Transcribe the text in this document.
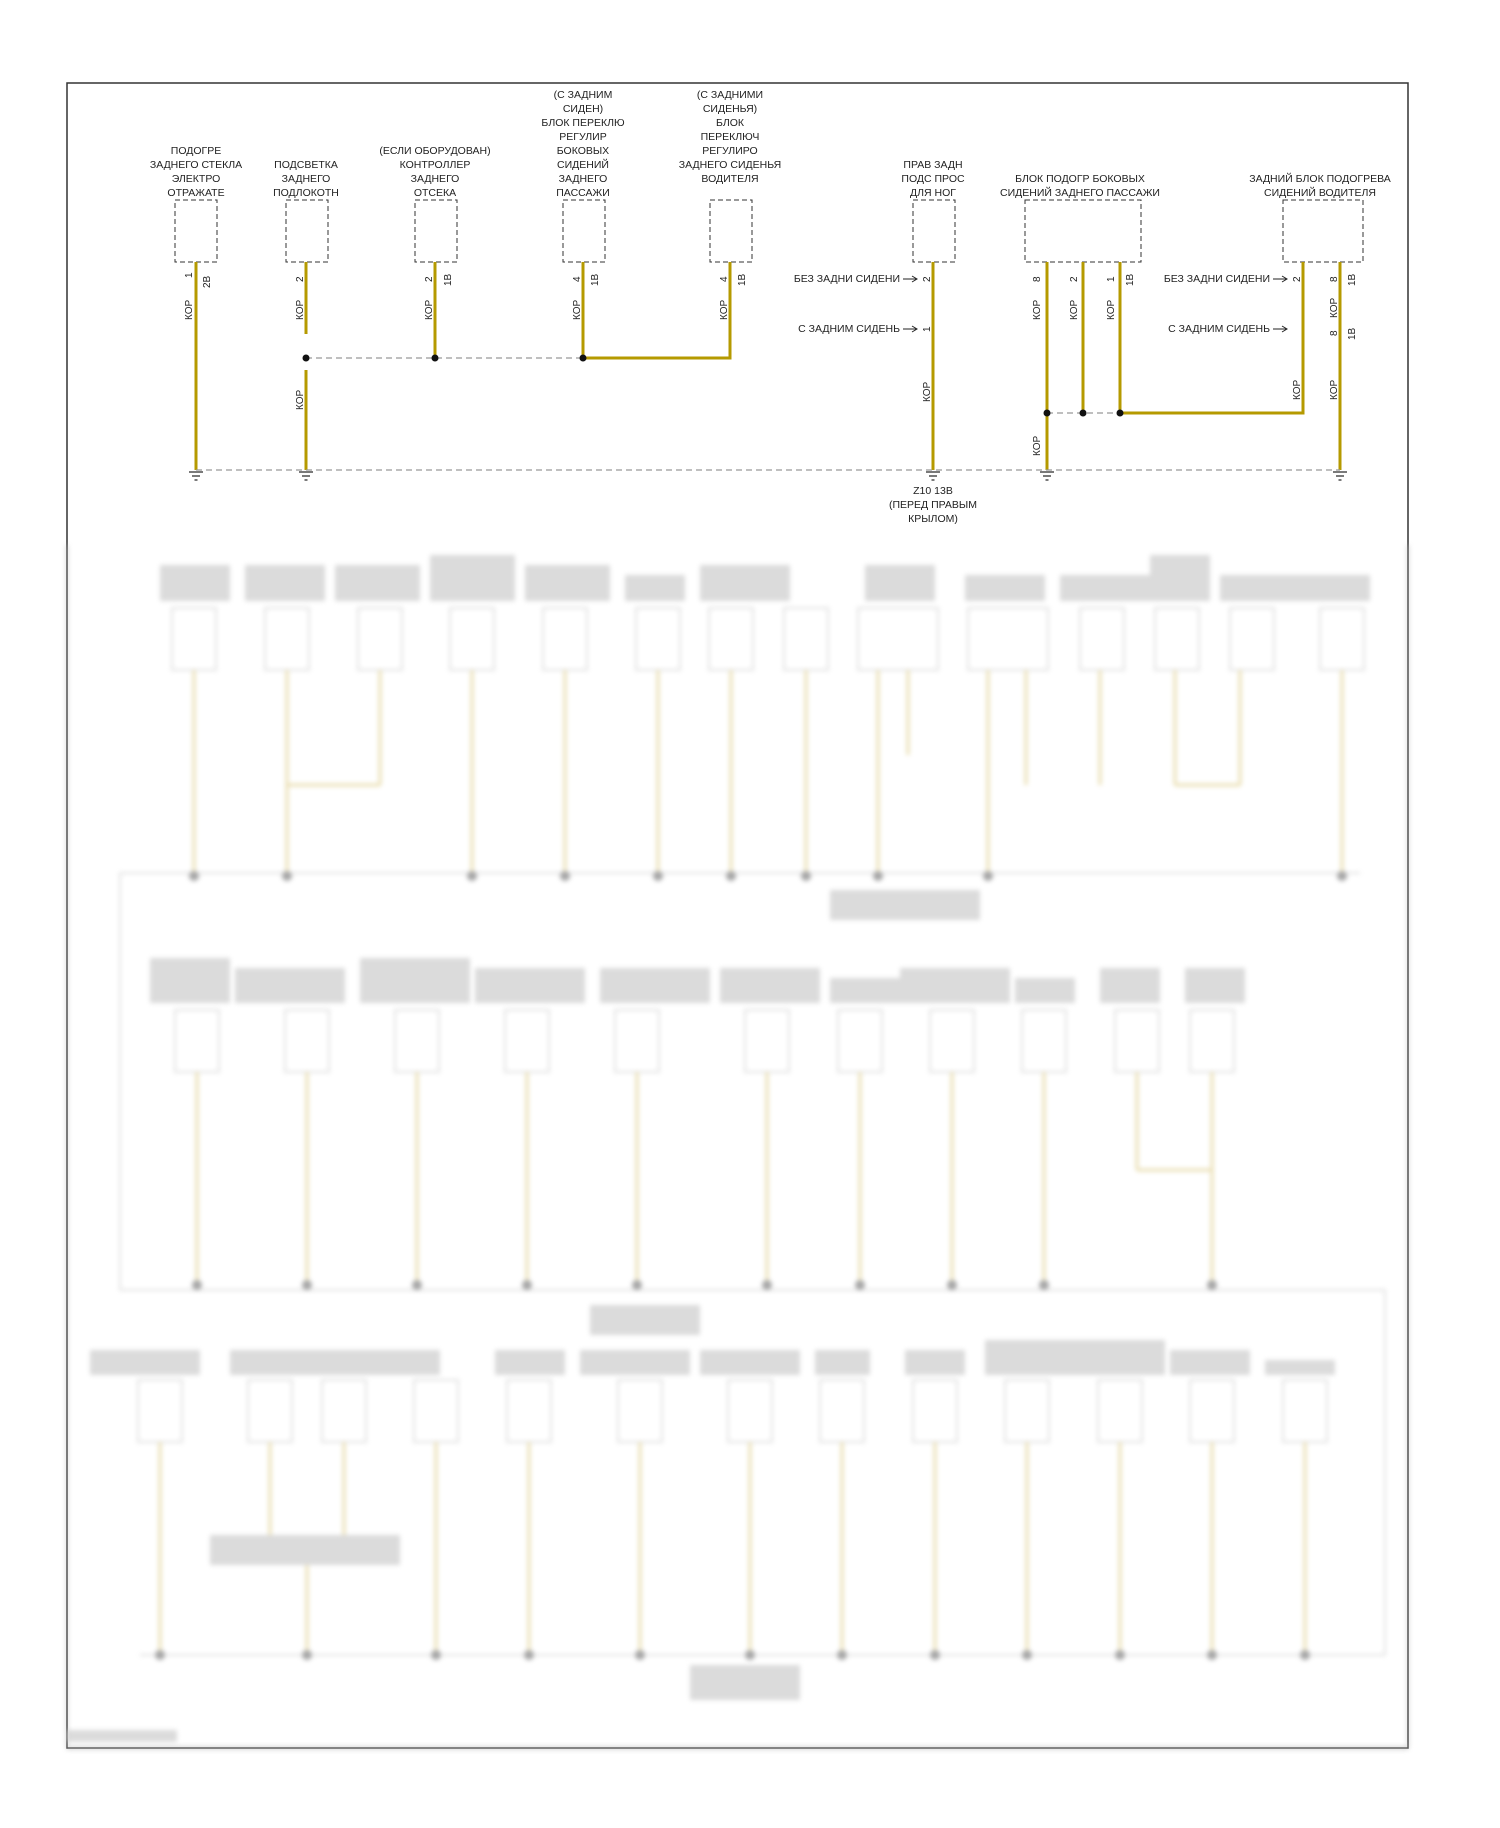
ПОДОГРЕ
ЗАДНЕГО СТЕКЛА
ЭЛЕКТРО
ОТРАЖАТЕ
1
2B
КОР
ПОДСВЕТКА
ЗАДНЕГО
ПОДЛОКОТН
2
КОР
КОР
(ЕСЛИ ОБОРУДОВАН)
КОНТРОЛЛЕР
ЗАДНЕГО
ОТСЕКА
2 1B
КОР
(С ЗАДНИМ
СИДЕН)
БЛОК ПЕРЕКЛЮ
РЕГУЛИР
БОКОВЫХ
СИДЕНИЙ
ЗАДНЕГО
ПАССАЖИ
4 1B
КОР
(С ЗАДНИМИ
СИДЕНЬЯ)
БЛОК
ПЕРЕКЛЮЧ
РЕГУЛИРО
ЗАДНЕГО СИДЕНЬЯ
ВОДИТЕЛЯ
4 1B
КОР
ПРАВ ЗАДН
ПОДС ПРОС
ДЛЯ НОГ
БЕЗ ЗАДНИ СИДЕНИ
С ЗАДНИМ СИДЕНЬ
2
1
КОР
БЛОК ПОДОГР БОКОВЫХ
СИДЕНИЙ ЗАДНЕГО ПАССАЖИ
8	2	1 1B
КОР	КОР	КОР
КОР
ЗАДНИЙ БЛОК ПОДОГРЕВА
СИДЕНИЙ ВОДИТЕЛЯ
БЕЗ ЗАДНИ СИДЕНИ
С ЗАДНИМ СИДЕНЬ
2	8 1B
8 1B
КОР
КОР	КОР
Z10 13B
(ПЕРЕД ПРАВЫМ
КРЫЛОМ)
